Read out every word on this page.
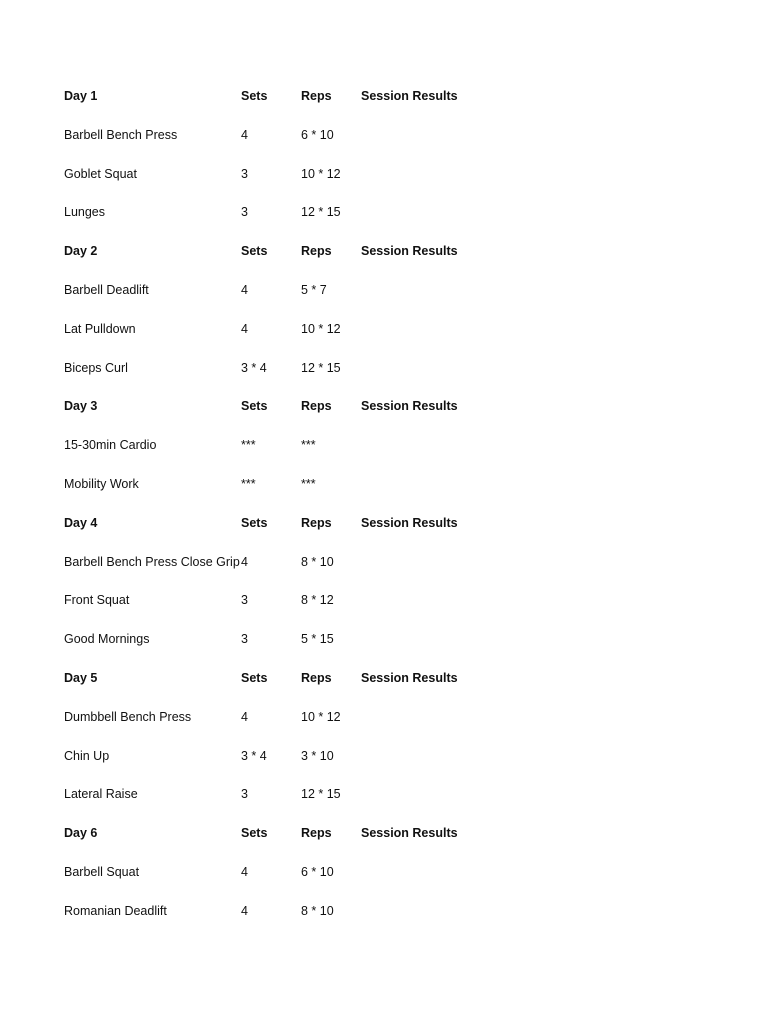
Day 1	Sets	Reps	Session Results
Barbell Bench Press	4	6 * 10
Goblet Squat	3	10 * 12
Lunges	3	12 * 15
Day 2	Sets	Reps	Session Results
Barbell Deadlift	4	5 * 7
Lat Pulldown	4	10 * 12
Biceps Curl	3 * 4	12 * 15
Day 3	Sets	Reps	Session Results
15-30min Cardio	***	***
Mobility Work	***	***
Day 4	Sets	Reps	Session Results
Barbell Bench Press Close Grip 4	8 * 10
Front Squat	3	8 * 12
Good Mornings	3	5 * 15
Day 5	Sets	Reps	Session Results
Dumbbell Bench Press	4	10 * 12
Chin Up	3 * 4	3 * 10
Lateral Raise	3	12 * 15
Day 6	Sets	Reps	Session Results
Barbell Squat	4	6 * 10
Romanian Deadlift	4	8 * 10
